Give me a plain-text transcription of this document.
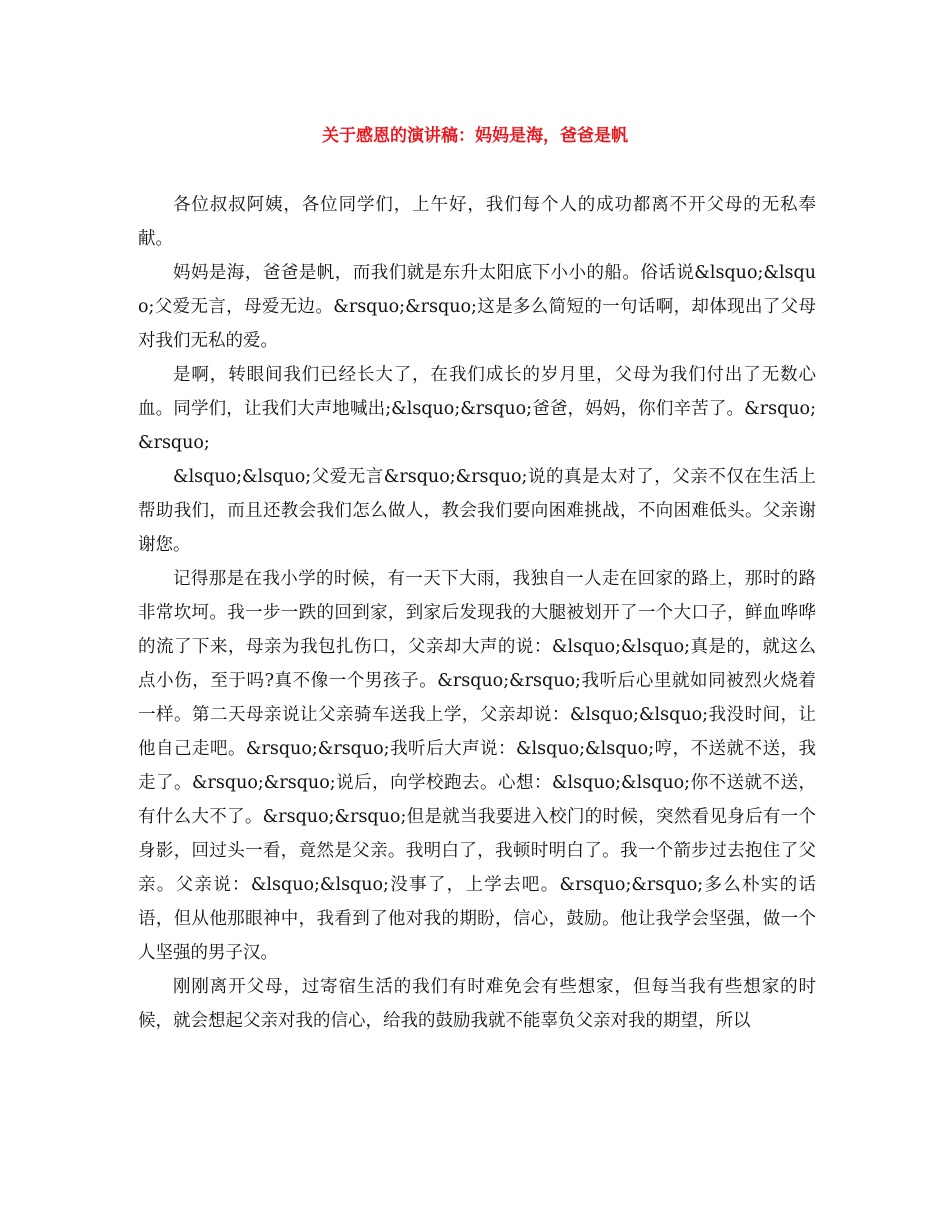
关于感恩的演讲稿：妈妈是海，爸爸是帆

各位叔叔阿姨，各位同学们，上午好，我们每个人的成功都离不开父母的无私奉献。

妈妈是海，爸爸是帆，而我们就是东升太阳底下小小的船。俗话说&lsquo;&lsquo;父爱无言，母爱无边。&rsquo;&rsquo;这是多么简短的一句话啊，却体现出了父母对我们无私的爱。

是啊，转眼间我们已经长大了，在我们成长的岁月里，父母为我们付出了无数心血。同学们，让我们大声地喊出;&lsquo;&rsquo;爸爸，妈妈，你们辛苦了。&rsquo;&rsquo;

&lsquo;&lsquo;父爱无言&rsquo;&rsquo;说的真是太对了，父亲不仅在生活上帮助我们，而且还教会我们怎么做人，教会我们要向困难挑战，不向困难低头。父亲谢谢您。

记得那是在我小学的时候，有一天下大雨，我独自一人走在回家的路上，那时的路非常坎坷。我一步一跌的回到家，到家后发现我的大腿被划开了一个大口子，鲜血哗哗的流了下来，母亲为我包扎伤口，父亲却大声的说：&lsquo;&lsquo;真是的，就这么点小伤，至于吗?真不像一个男孩子。&rsquo;&rsquo;我听后心里就如同被烈火烧着一样。第二天母亲说让父亲骑车送我上学，父亲却说：&lsquo;&lsquo;我没时间，让他自己走吧。&rsquo;&rsquo;我听后大声说：&lsquo;&lsquo;哼，不送就不送，我走了。&rsquo;&rsquo;说后，向学校跑去。心想：&lsquo;&lsquo;你不送就不送，有什么大不了。&rsquo;&rsquo;但是就当我要进入校门的时候，突然看见身后有一个身影，回过头一看，竟然是父亲。我明白了，我顿时明白了。我一个箭步过去抱住了父亲。父亲说：&lsquo;&lsquo;没事了，上学去吧。&rsquo;&rsquo;多么朴实的话语，但从他那眼神中，我看到了他对我的期盼，信心，鼓励。他让我学会坚强，做一个人坚强的男子汉。

刚刚离开父母，过寄宿生活的我们有时难免会有些想家，但每当我有些想家的时候，就会想起父亲对我的信心，给我的鼓励我就不能辜负父亲对我的期望，所以
